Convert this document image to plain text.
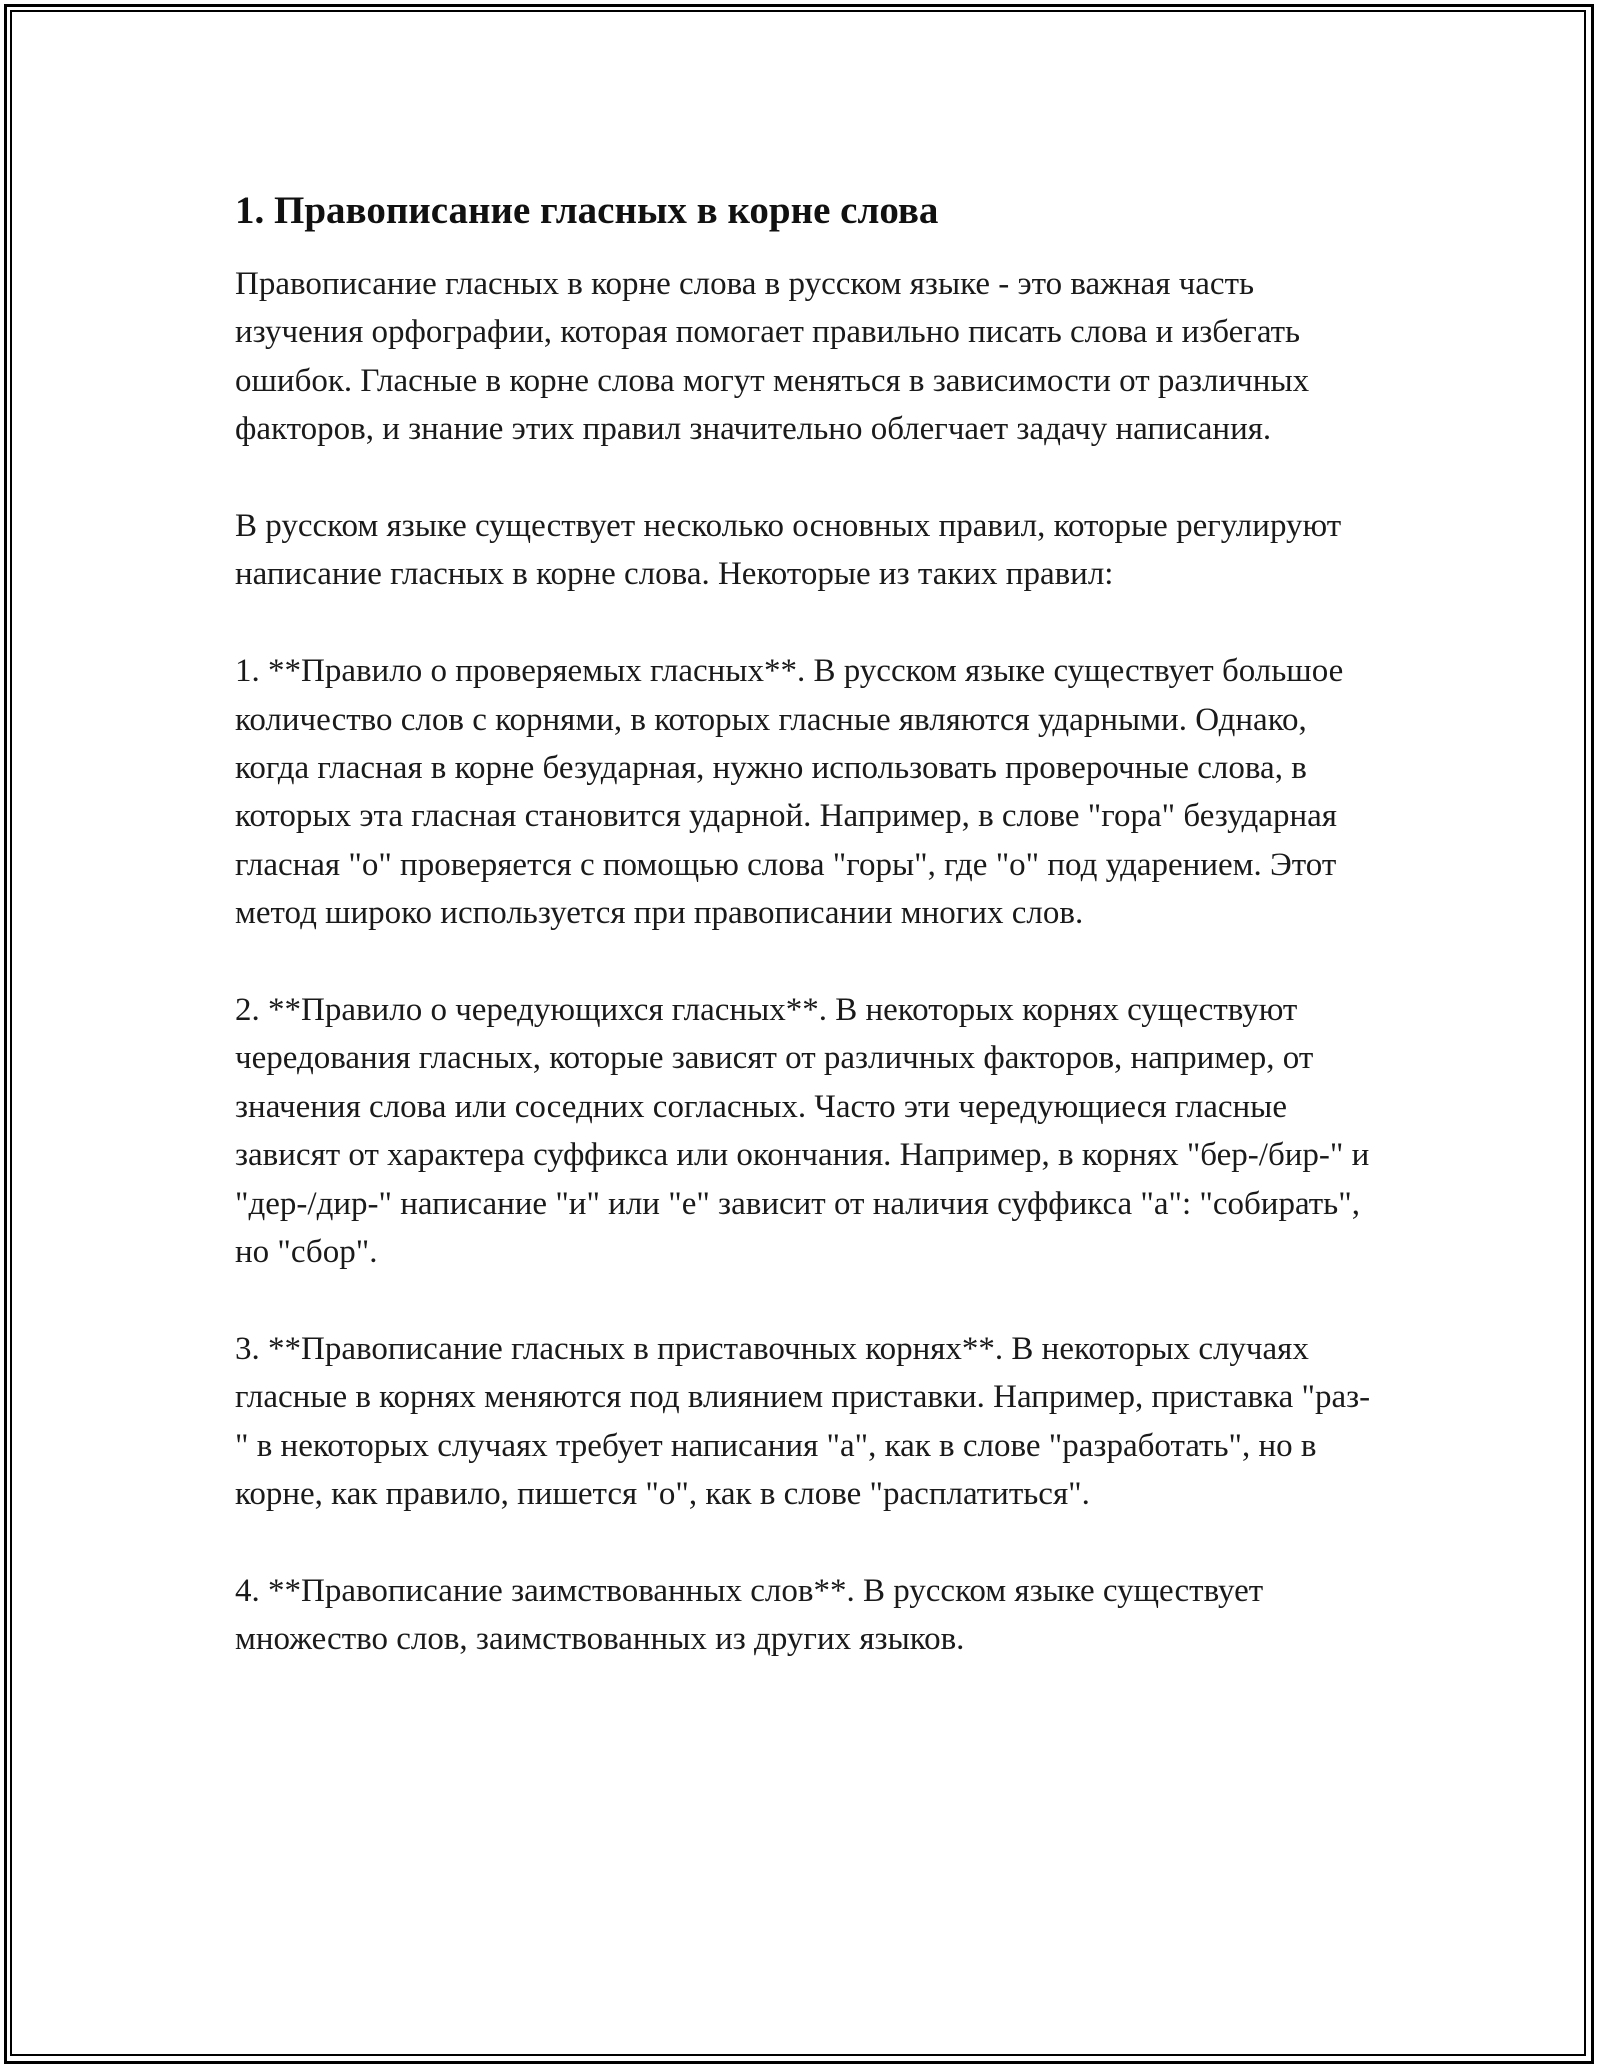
1. Правописание гласных в корне слова

Правописание гласных в корне слова в русском языке - это важная часть изучения орфографии, которая помогает правильно писать слова и избегать ошибок. Гласные в корне слова могут меняться в зависимости от различных факторов, и знание этих правил значительно облегчает задачу написания.

В русском языке существует несколько основных правил, которые регулируют написание гласных в корне слова. Некоторые из таких правил:

1. **Правило о проверяемых гласных**. В русском языке существует большое количество слов с корнями, в которых гласные являются ударными. Однако, когда гласная в корне безударная, нужно использовать проверочные слова, в которых эта гласная становится ударной. Например, в слове "гора" безударная гласная "о" проверяется с помощью слова "горы", где "о" под ударением. Этот метод широко используется при правописании многих слов.

2. **Правило о чередующихся гласных**. В некоторых корнях существуют чередования гласных, которые зависят от различных факторов, например, от значения слова или соседних согласных. Часто эти чередующиеся гласные зависят от характера суффикса или окончания. Например, в корнях "бер-/бир-" и "дер-/дир-" написание "и" или "е" зависит от наличия суффикса "а": "собирать", но "сбор".

3. **Правописание гласных в приставочных корнях**. В некоторых случаях гласные в корнях меняются под влиянием приставки. Например, приставка "раз-" в некоторых случаях требует написания "а", как в слове "разработать", но в корне, как правило, пишется "о", как в слове "расплатиться".

4. **Правописание заимствованных слов**. В русском языке существует множество слов, заимствованных из других языков.
